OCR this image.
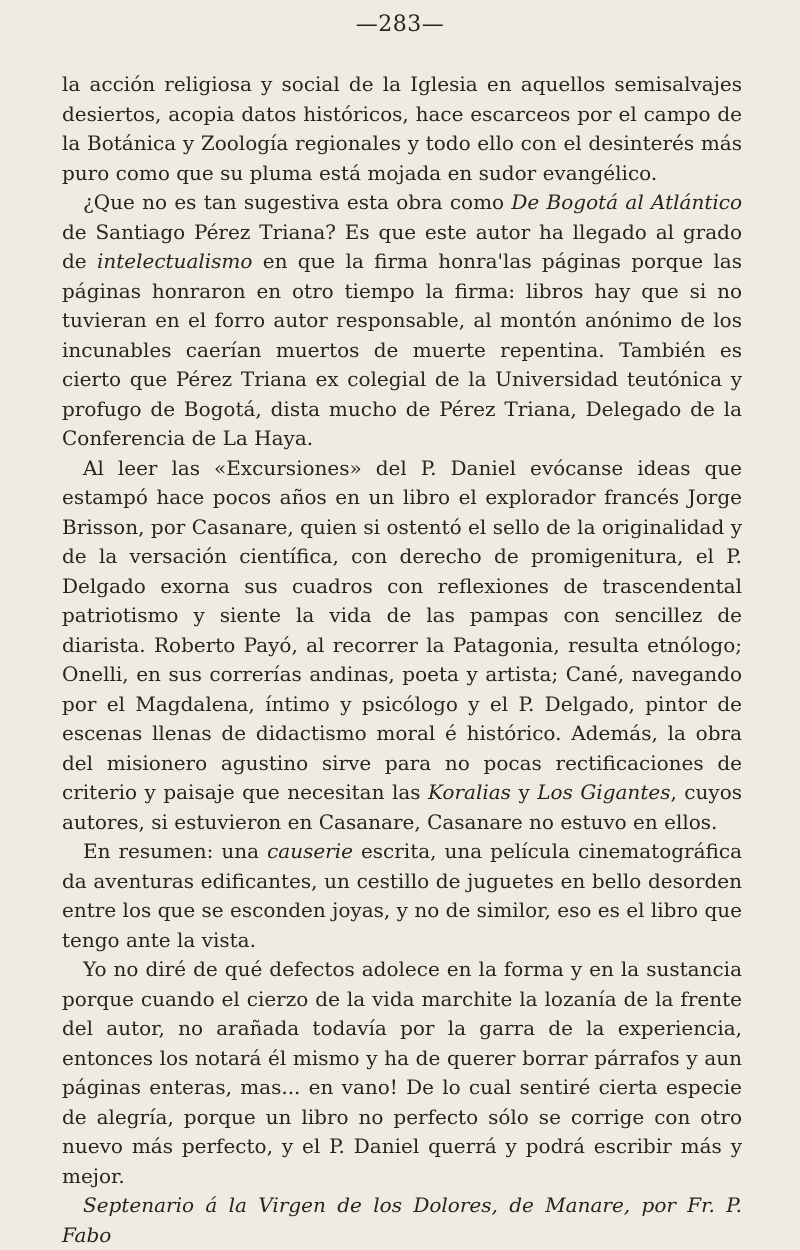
—283—

la acción religiosa y social de la Iglesia en aquellos semisalvajes desiertos, acopia datos históricos, hace escarceos por el campo de la Botánica y Zoología regionales y todo ello con el desinterés más puro como que su pluma está mojada en sudor evangélico.

¿Que no es tan sugestiva esta obra como De Bogotá al Atlántico de Santiago Pérez Triana? Es que este autor ha llegado al grado de intelectualismo en que la firma honra'las páginas porque las páginas honraron en otro tiempo la firma: libros hay que si no tuvieran en el forro autor responsable, al montón anónimo de los incunables caerían muertos de muerte repentina. También es cierto que Pérez Triana ex colegial de la Universidad teutónica y profugo de Bogotá, dista mucho de Pérez Triana, Delegado de la Conferencia de La Haya.

Al leer las «Excursiones» del P. Daniel evócanse ideas que estampó hace pocos años en un libro el explorador francés Jorge Brisson, por Casanare, quien si ostentó el sello de la originalidad y de la versación científica, con derecho de promigenitura, el P. Delgado exorna sus cuadros con reflexiones de trascendental patriotismo y siente la vida de las pampas con sencillez de diarista. Roberto Payó, al recorrer la Patagonia, resulta etnólogo; Onelli, en sus correrías andinas, poeta y artista; Cané, navegando por el Magdalena, íntimo y psicólogo y el P. Delgado, pintor de escenas llenas de didactismo moral é histórico. Además, la obra del misionero agustino sirve para no pocas rectificaciones de criterio y paisaje que necesitan las Koralias y Los Gigantes, cuyos autores, si estuvieron en Casanare, Casanare no estuvo en ellos.

En resumen: una causerie escrita, una película cinematográfica da aventuras edificantes, un cestillo de juguetes en bello desorden entre los que se esconden joyas, y no de similor, eso es el libro que tengo ante la vista.

Yo no diré de qué defectos adolece en la forma y en la sustancia porque cuando el cierzo de la vida marchite la lozanía de la frente del autor, no arañada todavía por la garra de la experiencia, entonces los notará él mismo y ha de querer borrar párrafos y aun páginas enteras, mas... en vano! De lo cual sentiré cierta especie de alegría, porque un libro no perfecto sólo se corrige con otro nuevo más perfecto, y el P. Daniel querrá y podrá escribir más y mejor.

Septenario á la Virgen de los Dolores, de Manare, por Fr. P. Fabo
